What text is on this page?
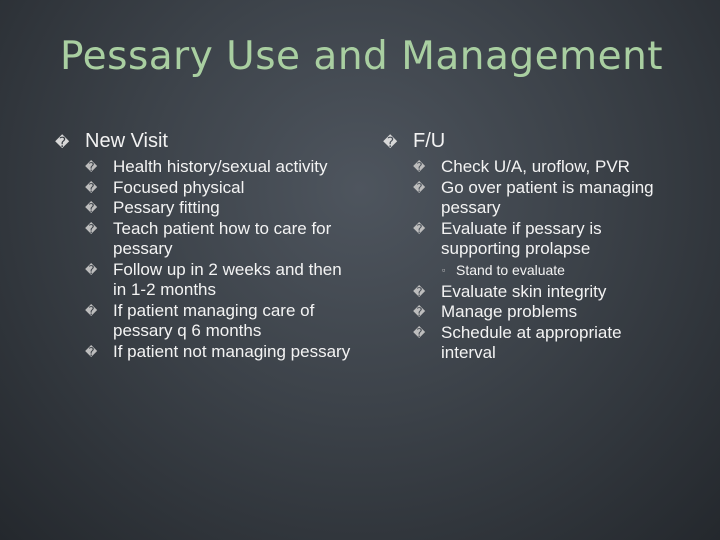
Pessary Use and Management
� New Visit
� Health history/sexual activity
� Focused physical
� Pessary fitting
� Teach patient how to care for pessary
� Follow up in 2 weeks and then in 1-2 months
� If patient managing care of pessary q 6 months
� If patient not managing pessary
� F/U
� Check U/A, uroflow, PVR
� Go over patient is managing pessary
� Evaluate if pessary is supporting prolapse
▫ Stand to evaluate
� Evaluate skin integrity
� Manage problems
� Schedule at appropriate interval
